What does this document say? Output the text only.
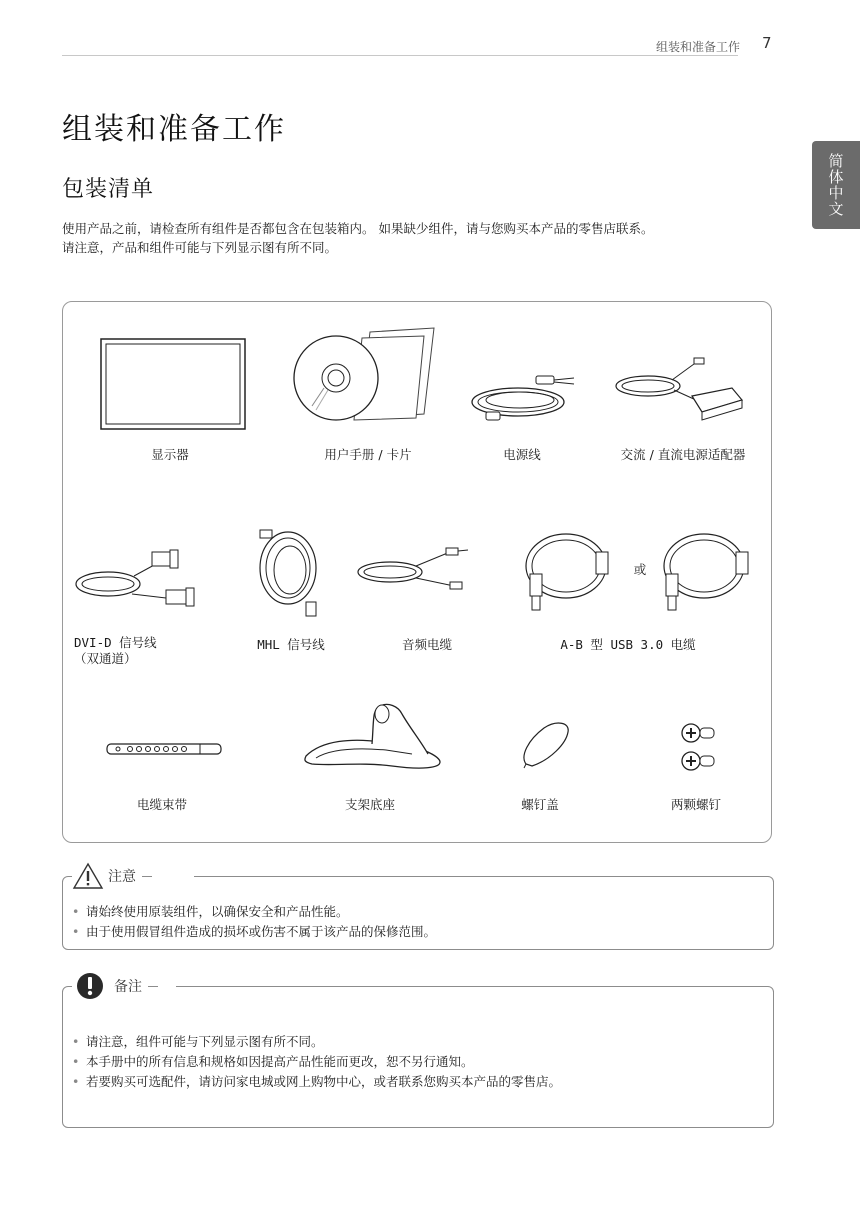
组装和准备工作 7
简体中文
组装和准备工作
包装清单
使用产品之前，请检查所有组件是否都包含在包装箱内。 如果缺少组件，请与您购买本产品的零售店联系。
请注意，产品和组件可能与下列显示图有所不同。
显示器	用户手册 / 卡片	电源线	交流 / 直流电源适配器
或
DVI-D 信号线
（双通道）
MHL 信号线	音频电缆	A-B 型 USB 3.0 电缆
电缆束带	支架底座	螺钉盖	两颗螺钉
注意
• 请始终使用原装组件，以确保安全和产品性能。
• 由于使用假冒组件造成的损坏或伤害不属于该产品的保修范围。
备注
• 请注意，组件可能与下列显示图有所不同。
• 本手册中的所有信息和规格如因提高产品性能而更改，恕不另行通知。
• 若要购买可选配件，请访问家电城或网上购物中心，或者联系您购买本产品的零售店。
